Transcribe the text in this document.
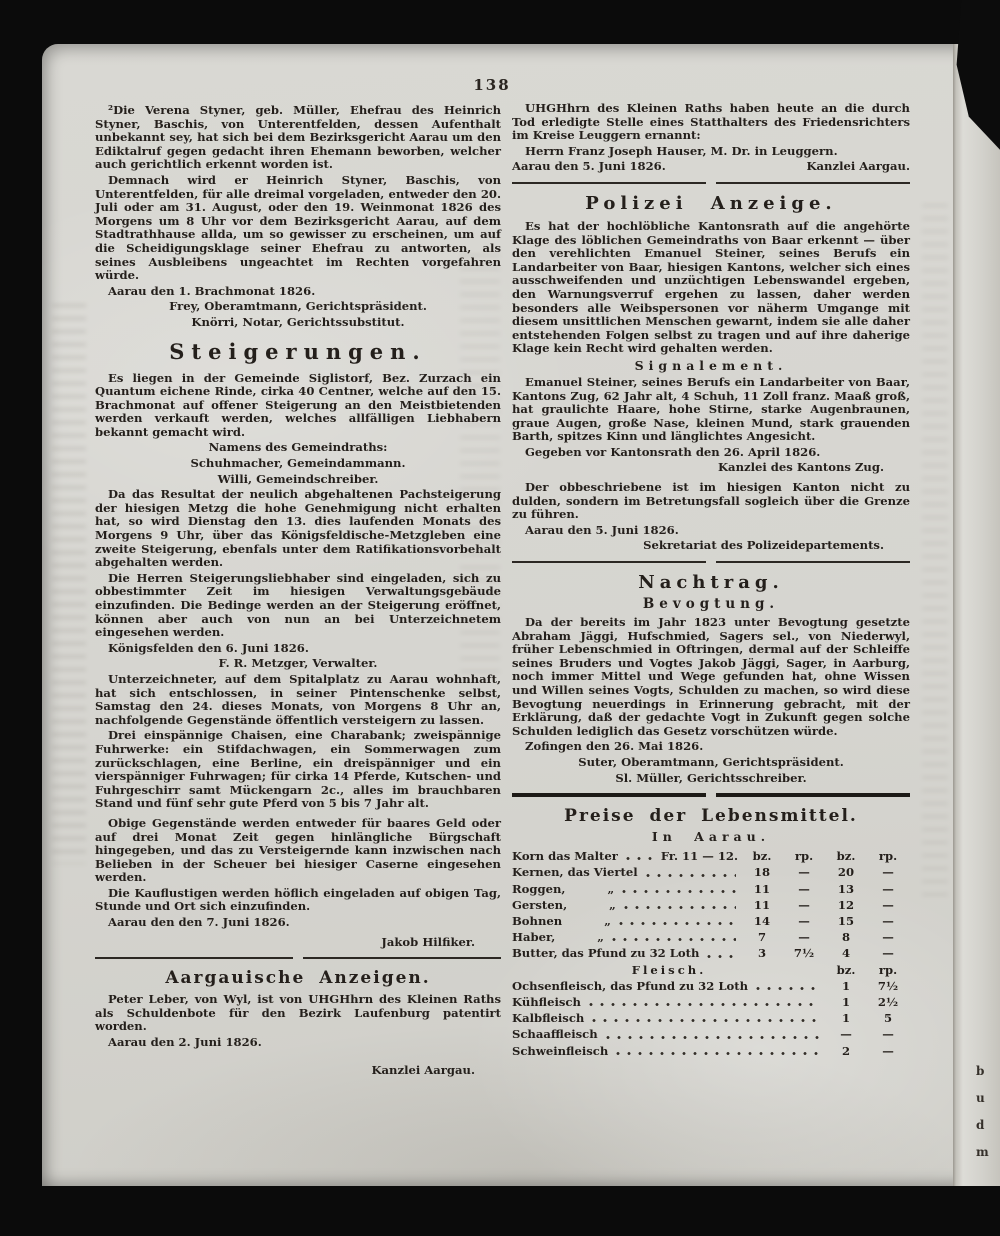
138
b
u
d
m

²Die Verena Styner, geb. Müller, Ehefrau des Heinrich Styner, Baschis, von Unterentfelden, dessen Aufenthalt unbekannt sey, hat sich bei dem Bezirksgericht Aarau um den Ediktalruf gegen gedacht ihren Ehemann beworben, welcher auch gerichtlich erkennt worden ist.

Demnach wird er Heinrich Styner, Baschis, von Unterentfelden, für alle dreimal vorgeladen, entweder den 20. Juli oder am 31. August, oder den 19. Weinmonat 1826 des Morgens um 8 Uhr vor dem Bezirksgericht Aarau, auf dem Stadtrathhause allda, um so gewisser zu erscheinen, um auf die Scheidigungsklage seiner Ehefrau zu antworten, als seines Ausbleibens ungeachtet im Rechten vorgefahren würde.

Aarau den 1. Brachmonat 1826.

Frey, Oberamtmann, Gerichtspräsident.

Knörri, Notar, Gerichtssubstitut.

Steigerungen.

Es liegen in der Gemeinde Siglistorf, Bez. Zurzach ein Quantum eichene Rinde, cirka 40 Centner, welche auf den 15. Brachmonat auf offener Steigerung an den Meistbietenden werden verkauft werden, welches allfälligen Liebhabern bekannt gemacht wird.

Namens des Gemeindraths:

Schuhmacher, Gemeindammann.

Willi, Gemeindschreiber.

Da das Resultat der neulich abgehaltenen Pachsteigerung der hiesigen Metzg die hohe Genehmigung nicht erhalten hat, so wird Dienstag den 13. dies laufenden Monats des Morgens 9 Uhr, über das Königsfeldische-Metzgleben eine zweite Steigerung, ebenfals unter dem Ratifikationsvorbehalt abgehalten werden.

Die Herren Steigerungsliebhaber sind eingeladen, sich zu obbestimmter Zeit im hiesigen Verwaltungsgebäude einzufinden. Die Bedinge werden an der Steigerung eröffnet, können aber auch von nun an bei Unterzeichnetem eingesehen werden.

Königsfelden den 6. Juni 1826.

F. R. Metzger, Verwalter.

Unterzeichneter, auf dem Spitalplatz zu Aarau wohnhaft, hat sich entschlossen, in seiner Pintenschenke selbst, Samstag den 24. dieses Monats, von Morgens 8 Uhr an, nachfolgende Gegenstände öffentlich versteigern zu lassen.

Drei einspännige Chaisen, eine Charabank; zweispännige Fuhrwerke: ein Stifdachwagen, ein Sommerwagen zum zurückschlagen, eine Berline, ein dreispänniger und ein vierspänniger Fuhrwagen; für cirka 14 Pferde, Kutschen- und Fuhrgeschirr samt Mückengarn 2c., alles im brauchbaren Stand und fünf sehr gute Pferd von 5 bis 7 Jahr alt.

Obige Gegenstände werden entweder für baares Geld oder auf drei Monat Zeit gegen hinlängliche Bürgschaft hingegeben, und das zu Versteigernde kann inzwischen nach Belieben in der Scheuer bei hiesiger Caserne eingesehen werden.

Die Kauflustigen werden höflich eingeladen auf obigen Tag, Stunde und Ort sich einzufinden.

Aarau den den 7. Juni 1826.

Jakob Hilfiker.

Aargauische Anzeigen.

Peter Leber, von Wyl, ist von UHGHhrn des Kleinen Raths als Schuldenbote für den Bezirk Laufenburg patentirt worden.

Aarau den 2. Juni 1826.

Kanzlei Aargau.

UHGHhrn des Kleinen Raths haben heute an die durch Tod erledigte Stelle eines Statthalters des Friedensrichters im Kreise Leuggern ernannt:

Herrn Franz Joseph Hauser, M. Dr. in Leuggern.

Aarau den 5. Juni 1826.	Kanzlei Aargau.
Polizei Anzeige.

Es hat der hochlöbliche Kantonsrath auf die angehörte Klage des löblichen Gemeindraths von Baar erkennt — über den verehlichten Emanuel Steiner, seines Berufs ein Landarbeiter von Baar, hiesigen Kantons, welcher sich eines ausschweifenden und unzüchtigen Lebenswandel ergeben, den Warnungsverruf ergehen zu lassen, daher werden besonders alle Weibspersonen vor näherm Umgange mit diesem unsittlichen Menschen gewarnt, indem sie alle daher entstehenden Folgen selbst zu tragen und auf ihre daherige Klage kein Recht wird gehalten werden.

Signalement.

Emanuel Steiner, seines Berufs ein Landarbeiter von Baar, Kantons Zug, 62 Jahr alt, 4 Schuh, 11 Zoll franz. Maaß groß, hat graulichte Haare, hohe Stirne, starke Augenbraunen, graue Augen, große Nase, kleinen Mund, stark grauenden Barth, spitzes Kinn und länglichtes Angesicht.

Gegeben vor Kantonsrath den 26. April 1826.

Kanzlei des Kantons Zug.

Der obbeschriebene ist im hiesigen Kanton nicht zu dulden, sondern im Betretungsfall sogleich über die Grenze zu führen.

Aarau den 5. Juni 1826.

Sekretariat des Polizeidepartements.

Nachtrag.
Bevogtung.

Da der bereits im Jahr 1823 unter Bevogtung gesetzte Abraham Jäggi, Hufschmied, Sagers sel., von Niederwyl, früher Lebenschmied in Oftringen, dermal auf der Schleiffe seines Bruders und Vogtes Jakob Jäggi, Sager, in Aarburg, noch immer Mittel und Wege gefunden hat, ohne Wissen und Willen seines Vogts, Schulden zu machen, so wird diese Bevogtung neuerdings in Erinnerung gebracht, mit der Erklärung, daß der gedachte Vogt in Zukunft gegen solche Schulden lediglich das Gesetz vorschützen würde.

Zofingen den 26. Mai 1826.

Suter, Oberamtmann, Gerichtspräsident.

Sl. Müller, Gerichtsschreiber.

Preise der Lebensmittel.
In Aarau.
Korn das Malter	Fr. 11 — 12.	bz.	rp.	bz.	rp.
Kernen, das Viertel	18	—	20	—
Roggen,	„	11	—	13	—
Gersten,	„	11	—	12	—
Bohnen	„	14	—	15	—
Haber,	„	7	—	8	—
Butter, das Pfund zu 32 Loth	3	7½	4	—
Fleisch.	bz.	rp.
Ochsenfleisch, das Pfund zu 32 Loth	1	7½
Kühfleisch	1	2½
Kalbfleisch	1	5
Schaaffleisch	—	—
Schweinfleisch	2	—
